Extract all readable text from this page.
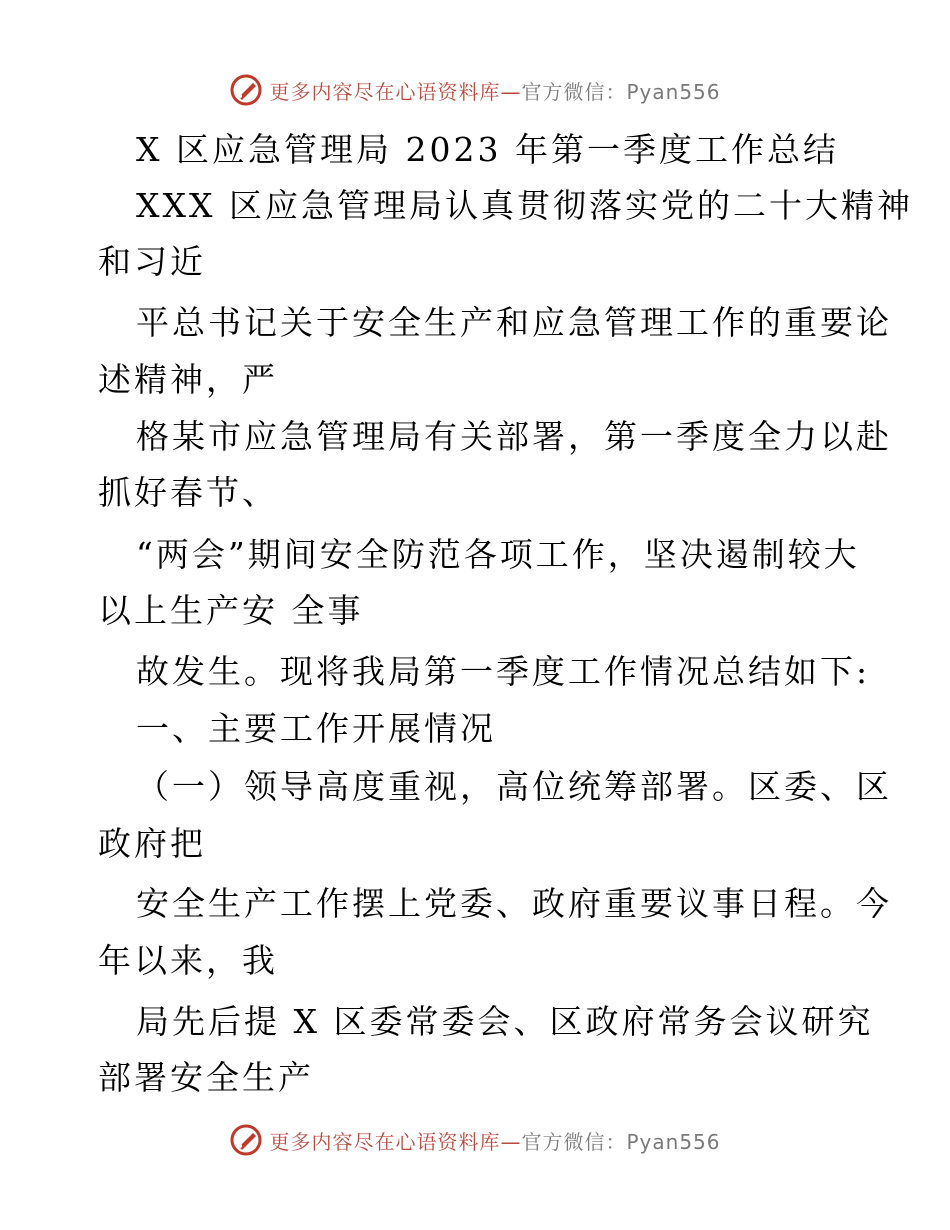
更多内容尽在心语资料库—官方微信：Pyan556
X 区应急管理局 2023 年第一季度工作总结
XXX 区应急管理局认真贯彻落实党的二十大精神
和习近
平总书记关于安全生产和应急管理工作的重要论
述精神，严
格某市应急管理局有关部署，第一季度全力以赴
抓好春节、
“两会”期间安全防范各项工作，坚决遏制较大
以上生产安 全事
故发生。现将我局第一季度工作情况总结如下:
一、主要工作开展情况
（一）领导高度重视，高位统筹部署。区委、区
政府把
安全生产工作摆上党委、政府重要议事日程。今
年以来，我
局先后提 X 区委常委会、区政府常务会议研究
部署安全生产
更多内容尽在心语资料库—官方微信：Pyan556
